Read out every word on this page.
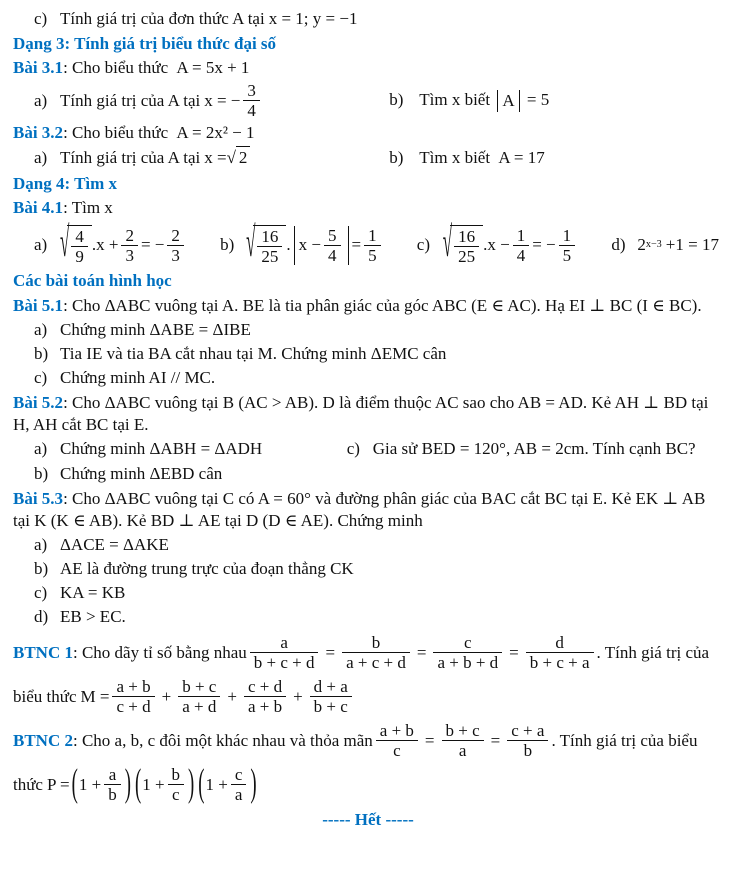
c) Tính giá trị của đơn thức A tại x = 1; y = −1
Dạng 3: Tính giá trị biểu thức đại số
Bài 3.1: Cho biểu thức A = 5x + 1
a) Tính giá trị của A tại x = − $\frac{3}{4}$	b) Tìm x biết A = 5
Bài 3.2: Cho biểu thức A = 2x² − 1
a) Tính giá trị của A tại x = √ 2	b) Tìm x biết A = 17
Dạng 4: Tìm x
Bài 4.1: Tìm x
a) √ $\frac{4}{9} .x + \frac{2}{3}$ = − $\frac{2}{3} b$) √ $\frac{16}{25}$ . $x - \frac{5}{4} = \frac{1}{5} c$) √ $\frac{16}{25} .x - \frac{1}{4}$ = − $\frac{1}{5} d$) 2 x−3 +1 = 17
Các bài toán hình học
Bài 5.1: Cho ΔABC vuông tại A. BE là tia phân giác của góc ABC (E ∈ AC). Hạ EI ⊥ BC (I ∈ BC).
a) Chứng minh ΔABE = ΔIBE
b) Tia IE và tia BA cắt nhau tại M. Chứng minh ΔEMC cân
c) Chứng minh AI // MC.
Bài 5.2: Cho ΔABC vuông tại B (AC > AB). D là điểm thuộc AC sao cho AB = AD. Kẻ AH ⊥ BD tại H, AH cắt BC tại E.
a) Chứng minh ΔABH = ΔADH	c) Gia sử BED = 120°, AB = 2cm. Tính cạnh BC?
b) Chứng minh ΔEBD cân
Bài 5.3: Cho ΔABC vuông tại C có A = 60° và đường phân giác của BAC cắt BC tại E. Kẻ EK ⊥ AB tại K (K ∈ AB). Kẻ BD ⊥ AE tại D (D ∈ AE). Chứng minh
a) ΔACE = ΔAKE
b) AE là đường trung trực của đoạn thẳng CK
c) KA = KB
d) EB > EC.
BTNC 1 : Cho dãy tỉ số bằng nhau $\frac{a}{b + c + d} = \frac{b}{a + c + d} = \frac{c}{a + b + d} = \frac{d}{b + c + a}$ . Tính giá trị của
biểu thức $M = \frac{a + b}{c + d} + \frac{b + c}{a + d} + \frac{c + d}{a + b} + \frac{d + a}{b + c}$
BTNC 2 : Cho a, b, c đôi một khác nhau và thỏa mãn $\frac{a + b}{c} = \frac{b + c}{a} = \frac{c + a}{b}$ . Tính giá trị của biểu
thức P = ( $1 + \frac{a}{b}$ ) ( $1 + \frac{b}{c}$ ) ( $1 + \frac{c}{a}$ )
----- Hết -----
